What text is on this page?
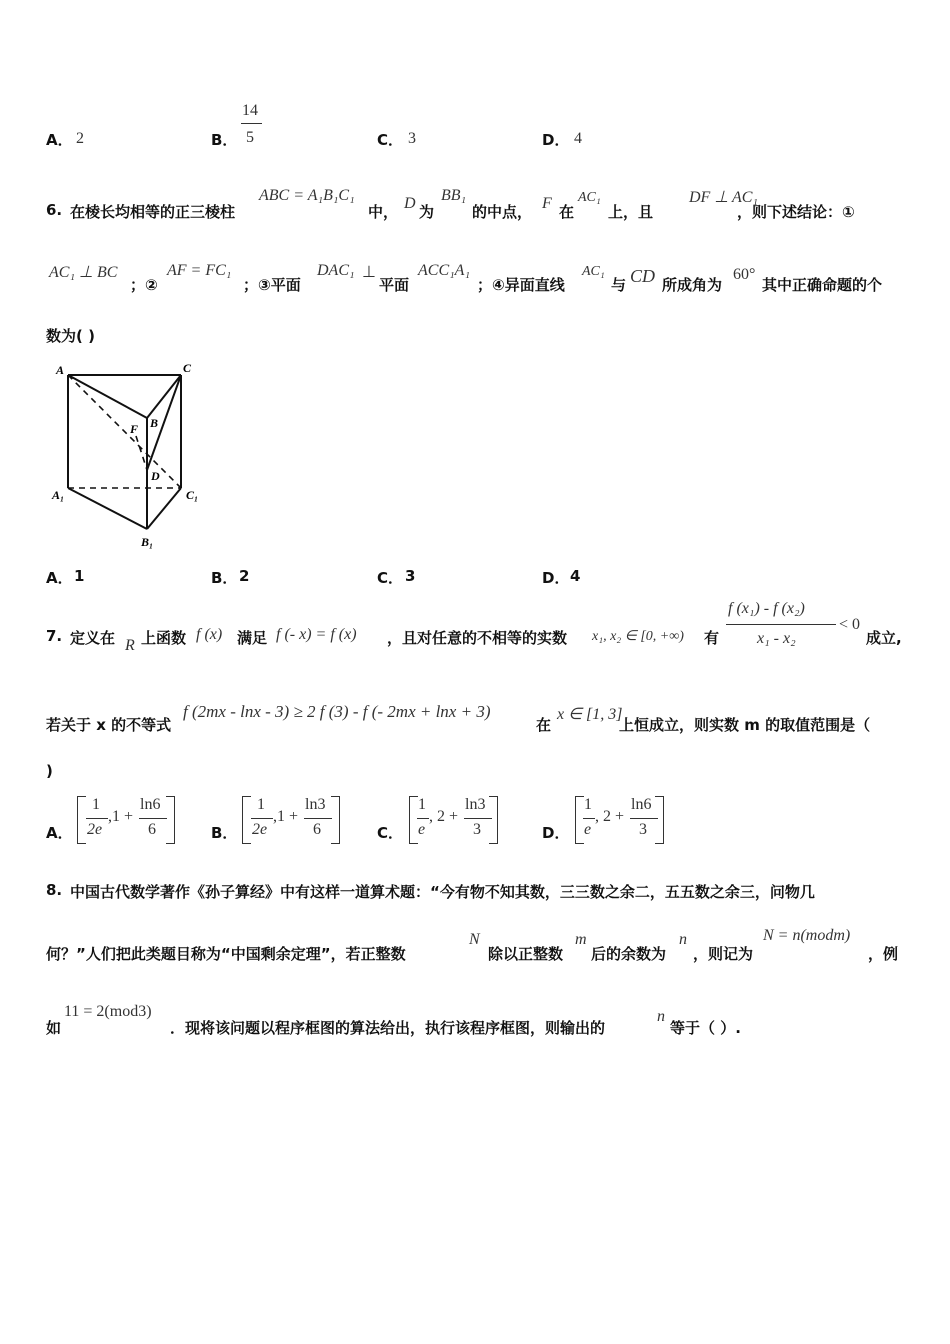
A． 2	B．
14
5	C． 3	D． 4
6. 在棱长均相等的正三棱柱
ABC = A₁B₁C₁
中， D 为
BB₁
的中点， F 在
AC₁
上，且
DF ⊥ AC₁
，则下述结论：①
AC₁ ⊥ BC
；②
AF = FC₁
；③平面
DAC₁ ⊥
平面
ACC₁A₁
；④异面直线
AC₁
与 CD 所成角为
60°
其中正确命题的个
数为( )
A	C
B
F
D
A₁	C₁
B₁
A． 1	B． 2	C． 3	D． 4
7. 定义在 R 上函数 f (x) 满足 f (- x) = f (x) ，且对任意的不相等的实数 x₁, x₂ ∈ [0, +∞) 有
f (x₁) - f (x₂)
x₁ - x₂
< 0
成立,
若关于 x 的不等式
f (2mx - lnx - 3) ≥ 2 f (3) - f (- 2mx + lnx + 3)
在
x ∈ [1, 3]
上恒成立，则实数 m 的取值范围是（
)
A．
1
2e
,1 +
ln6
6	B．
1
2e
,1 +
ln3
6	C．
1
e
, 2 +
ln3
3	D．
1
e
, 2 +
ln6
3
8. 中国古代数学著作《孙子算经》中有这样一道算术题：“今有物不知其数，三三数之余二，五五数之余三，问物几
何？”人们把此类题目称为“中国剩余定理”，若正整数
N
除以正整数
m
后的余数为
n
，则记为
N = n(modm)
，例
如
11 = 2(mod3)
．现将该问题以程序框图的算法给出，执行该程序框图，则输出的
n
等于（ ）.
